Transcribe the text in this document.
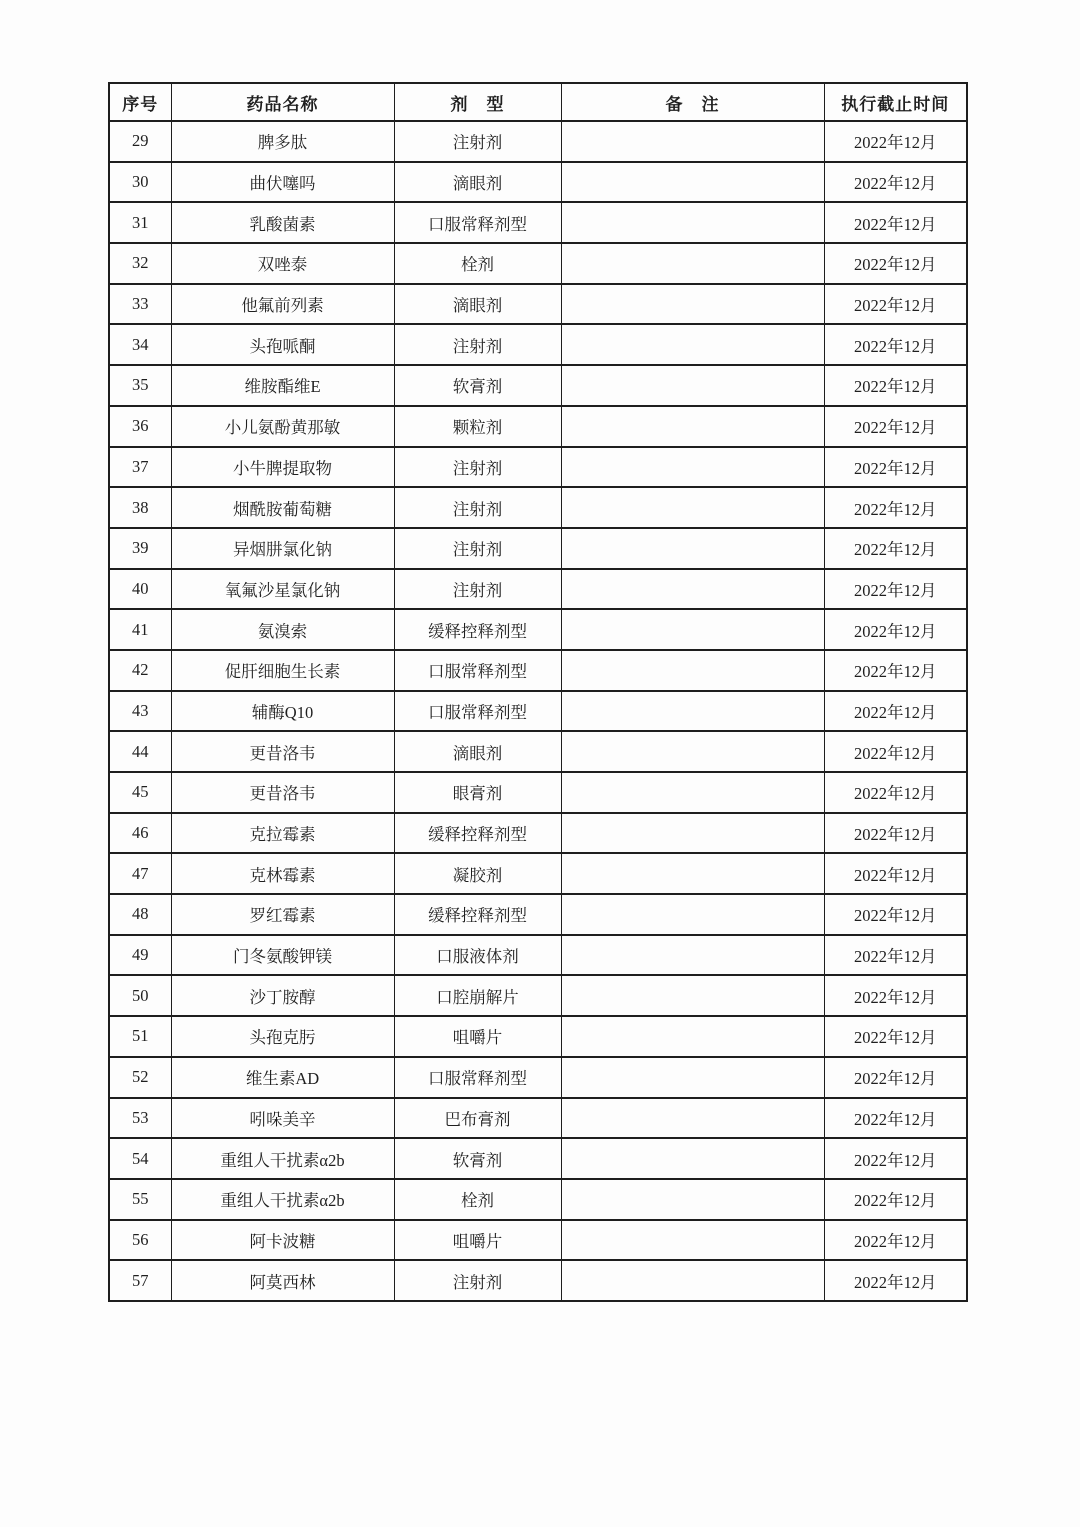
序号	药品名称	剂　型	备　注	执行截止时间
29	脾多肽	注射剂		2022年12月
30	曲伏噻吗	滴眼剂		2022年12月
31	乳酸菌素	口服常释剂型		2022年12月
32	双唑泰	栓剂		2022年12月
33	他氟前列素	滴眼剂		2022年12月
34	头孢哌酮	注射剂		2022年12月
35	维胺酯维E	软膏剂		2022年12月
36	小儿氨酚黄那敏	颗粒剂		2022年12月
37	小牛脾提取物	注射剂		2022年12月
38	烟酰胺葡萄糖	注射剂		2022年12月
39	异烟肼氯化钠	注射剂		2022年12月
40	氧氟沙星氯化钠	注射剂		2022年12月
41	氨溴索	缓释控释剂型		2022年12月
42	促肝细胞生长素	口服常释剂型		2022年12月
43	辅酶Q10	口服常释剂型		2022年12月
44	更昔洛韦	滴眼剂		2022年12月
45	更昔洛韦	眼膏剂		2022年12月
46	克拉霉素	缓释控释剂型		2022年12月
47	克林霉素	凝胶剂		2022年12月
48	罗红霉素	缓释控释剂型		2022年12月
49	门冬氨酸钾镁	口服液体剂		2022年12月
50	沙丁胺醇	口腔崩解片		2022年12月
51	头孢克肟	咀嚼片		2022年12月
52	维生素AD	口服常释剂型		2022年12月
53	吲哚美辛	巴布膏剂		2022年12月
54	重组人干扰素α2b	软膏剂		2022年12月
55	重组人干扰素α2b	栓剂		2022年12月
56	阿卡波糖	咀嚼片		2022年12月
57	阿莫西林	注射剂		2022年12月
